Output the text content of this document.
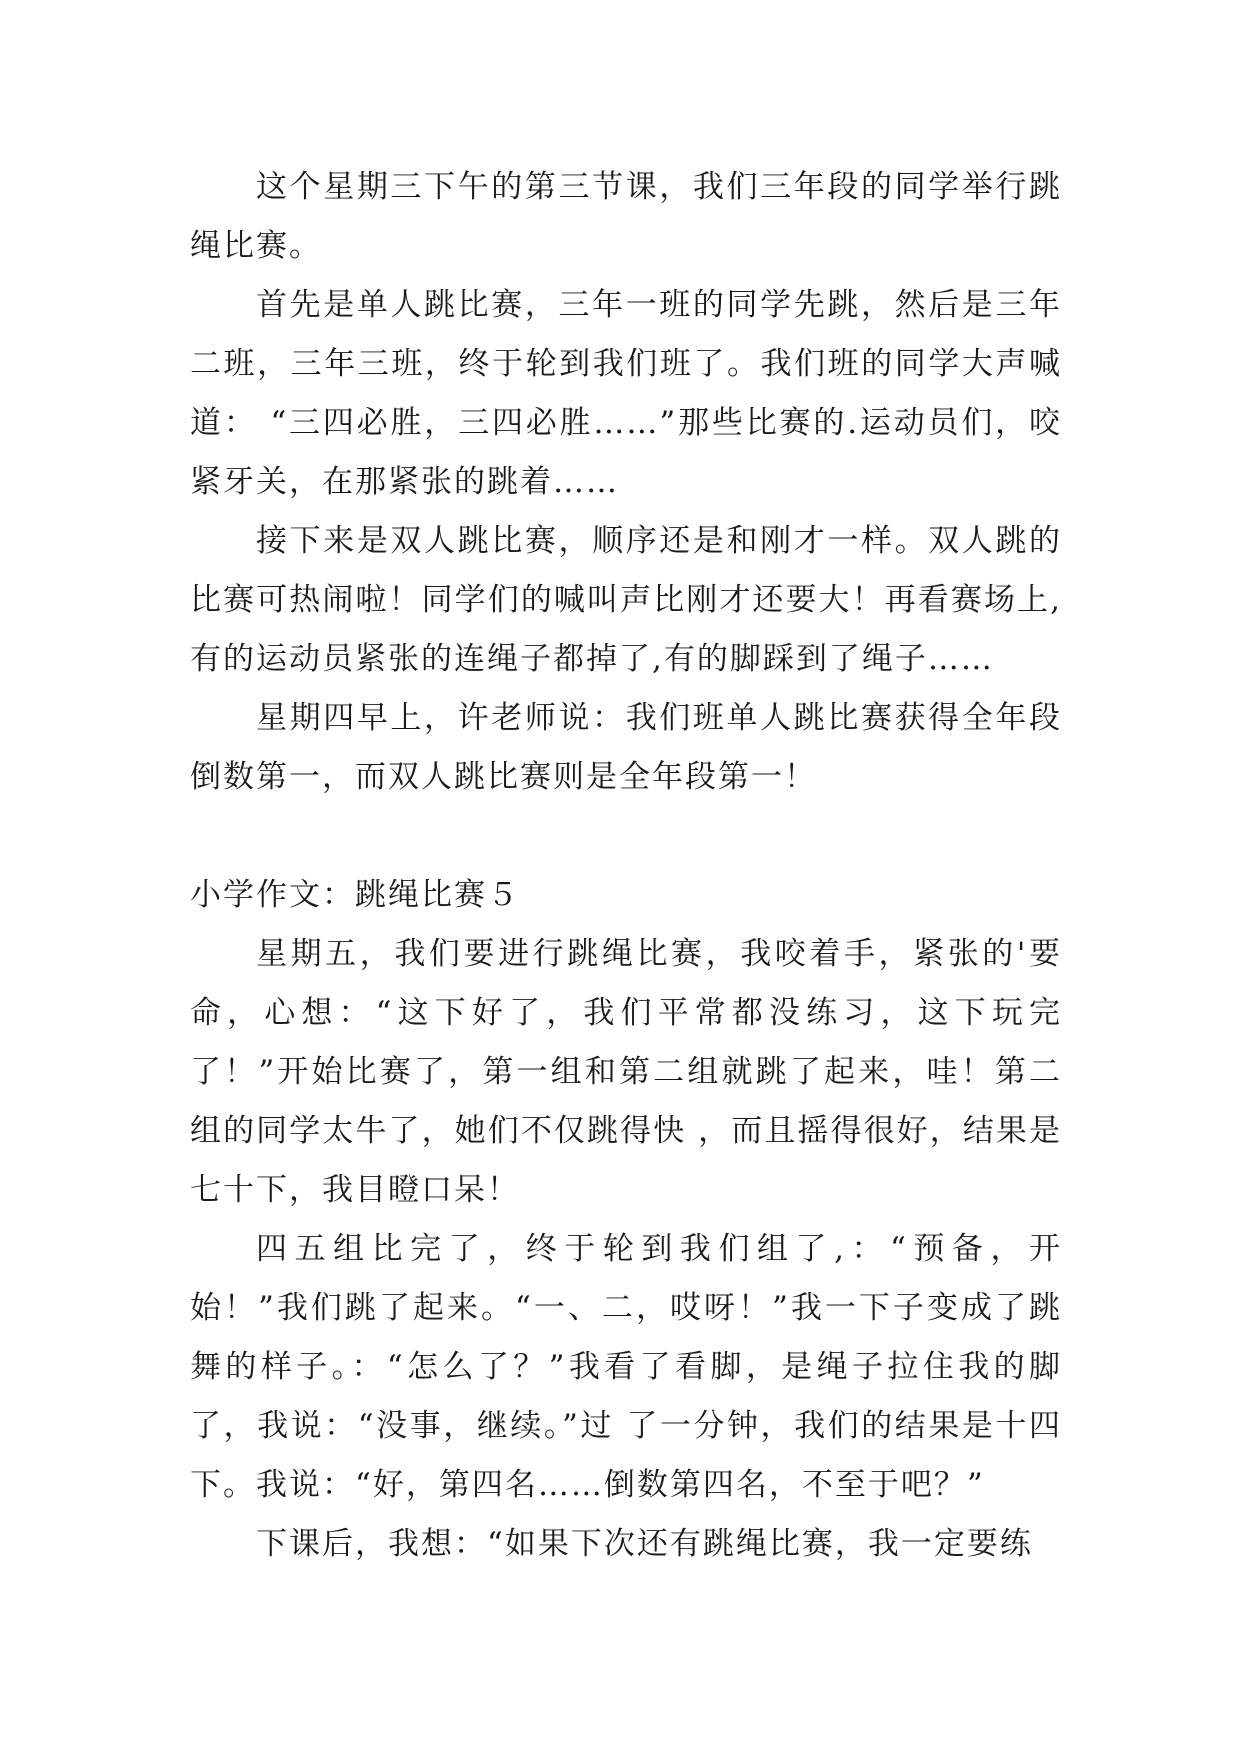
这个星期三下午的第三节课，我们三年段的同学举行跳绳比赛。

首先是单人跳比赛，三年一班的同学先跳，然后是三年二班，三年三班，终于轮到我们班了。我们班的同学大声喊道： “三四必胜，三四必胜……”那些比赛的.运动员们，咬紧牙关，在那紧张的跳着……

接下来是双人跳比赛，顺序还是和刚才一样。双人跳的比赛可热闹啦！同学们的喊叫声比刚才还要大！再看赛场上,有的运动员紧张的连绳子都掉了,有的脚踩到了绳子……

星期四早上，许老师说：我们班单人跳比赛获得全年段倒数第一，而双人跳比赛则是全年段第一！

小学作文：跳绳比赛５

星期五，我们要进行跳绳比赛，我咬着手，紧张的'要命，心想：“这下好了，我们平常都没练习，这下玩完了！”开始比赛了，第一组和第二组就跳了起来，哇！第二组的同学太牛了，她们不仅跳得快 ，而且摇得很好，结果是七十下，我目瞪口呆！

四五组比完了，终于轮到我们组了,：“预备，开始！”我们跳了起来。“一、二，哎呀！”我一下子变成了跳舞的样子。：“怎么了？”我看了看脚，是绳子拉住我的脚了，我说：“没事，继续。”过 了一分钟，我们的结果是十四下。我说：“好，第四名……倒数第四名，不至于吧？”

下课后，我想：“如果下次还有跳绳比赛，我一定要练
